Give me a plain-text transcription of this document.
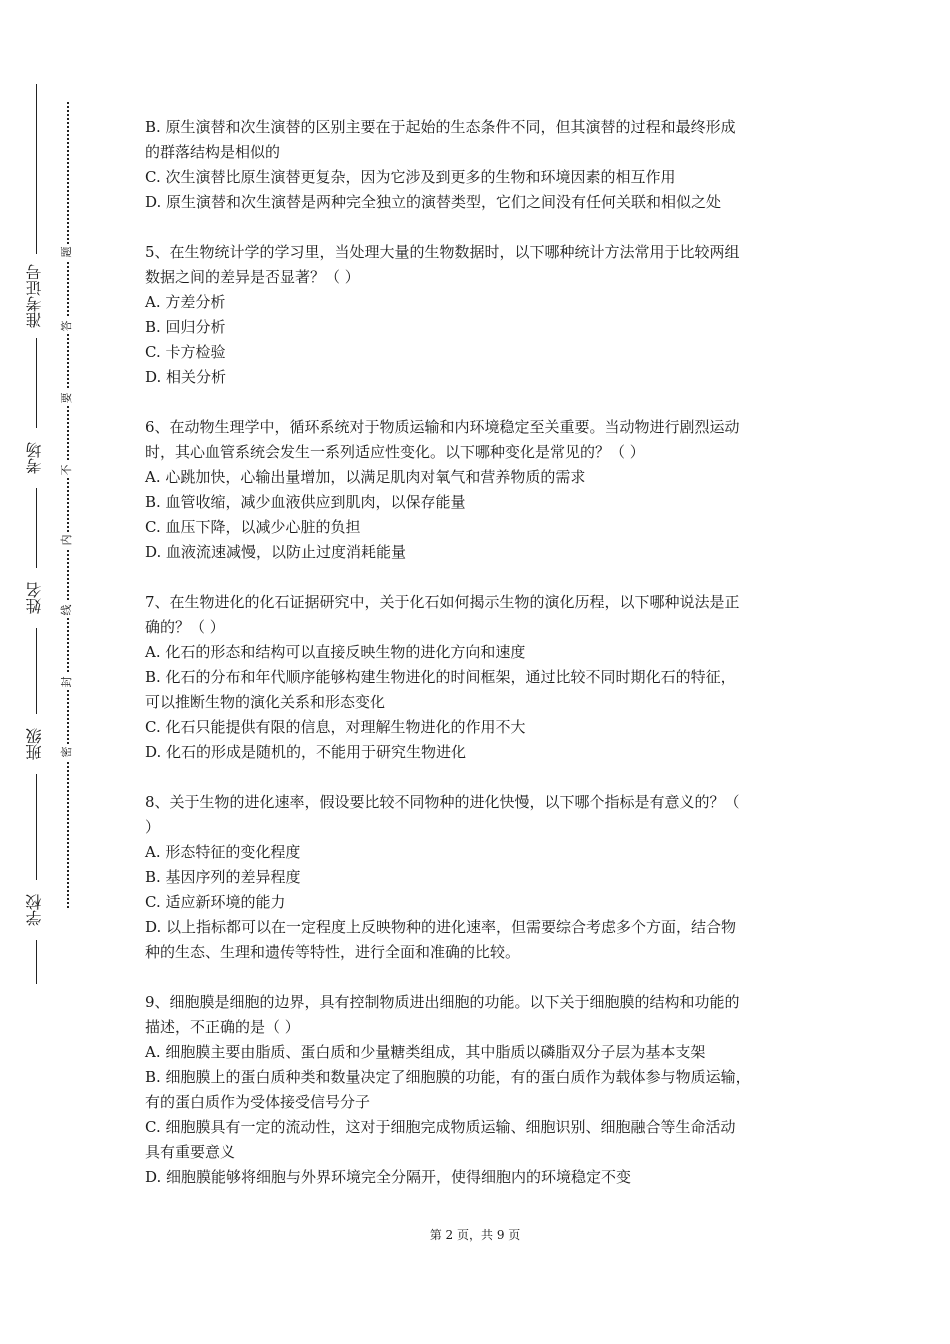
学校
班级
姓名
考场
准考证号
密
封
线
内
不
要
答
题

B. 原生演替和次生演替的区别主要在于起始的生态条件不同，但其演替的过程和最终形成

的群落结构是相似的

C. 次生演替比原生演替更复杂，因为它涉及到更多的生物和环境因素的相互作用

D. 原生演替和次生演替是两种完全独立的演替类型，它们之间没有任何关联和相似之处

5、在生物统计学的学习里，当处理大量的生物数据时，以下哪种统计方法常用于比较两组

数据之间的差异是否显著？（ ）

A. 方差分析

B. 回归分析

C. 卡方检验

D. 相关分析

6、在动物生理学中，循环系统对于物质运输和内环境稳定至关重要。当动物进行剧烈运动

时，其心血管系统会发生一系列适应性变化。以下哪种变化是常见的？（ ）

A. 心跳加快，心输出量增加，以满足肌肉对氧气和营养物质的需求

B. 血管收缩，减少血液供应到肌肉，以保存能量

C. 血压下降，以减少心脏的负担

D. 血液流速减慢，以防止过度消耗能量

7、在生物进化的化石证据研究中，关于化石如何揭示生物的演化历程，以下哪种说法是正

确的？（ ）

A. 化石的形态和结构可以直接反映生物的进化方向和速度

B. 化石的分布和年代顺序能够构建生物进化的时间框架，通过比较不同时期化石的特征，

可以推断生物的演化关系和形态变化

C. 化石只能提供有限的信息，对理解生物进化的作用不大

D. 化石的形成是随机的，不能用于研究生物进化

8、关于生物的进化速率，假设要比较不同物种的进化快慢，以下哪个指标是有意义的？（

）

A. 形态特征的变化程度

B. 基因序列的差异程度

C. 适应新环境的能力

D. 以上指标都可以在一定程度上反映物种的进化速率，但需要综合考虑多个方面，结合物

种的生态、生理和遗传等特性，进行全面和准确的比较。

9、细胞膜是细胞的边界，具有控制物质进出细胞的功能。以下关于细胞膜的结构和功能的

描述，不正确的是（ ）

A. 细胞膜主要由脂质、蛋白质和少量糖类组成，其中脂质以磷脂双分子层为基本支架

B. 细胞膜上的蛋白质种类和数量决定了细胞膜的功能，有的蛋白质作为载体参与物质运输，

有的蛋白质作为受体接受信号分子

C. 细胞膜具有一定的流动性，这对于细胞完成物质运输、细胞识别、细胞融合等生命活动

具有重要意义

D. 细胞膜能够将细胞与外界环境完全分隔开，使得细胞内的环境稳定不变

第 2 页，共 9 页
